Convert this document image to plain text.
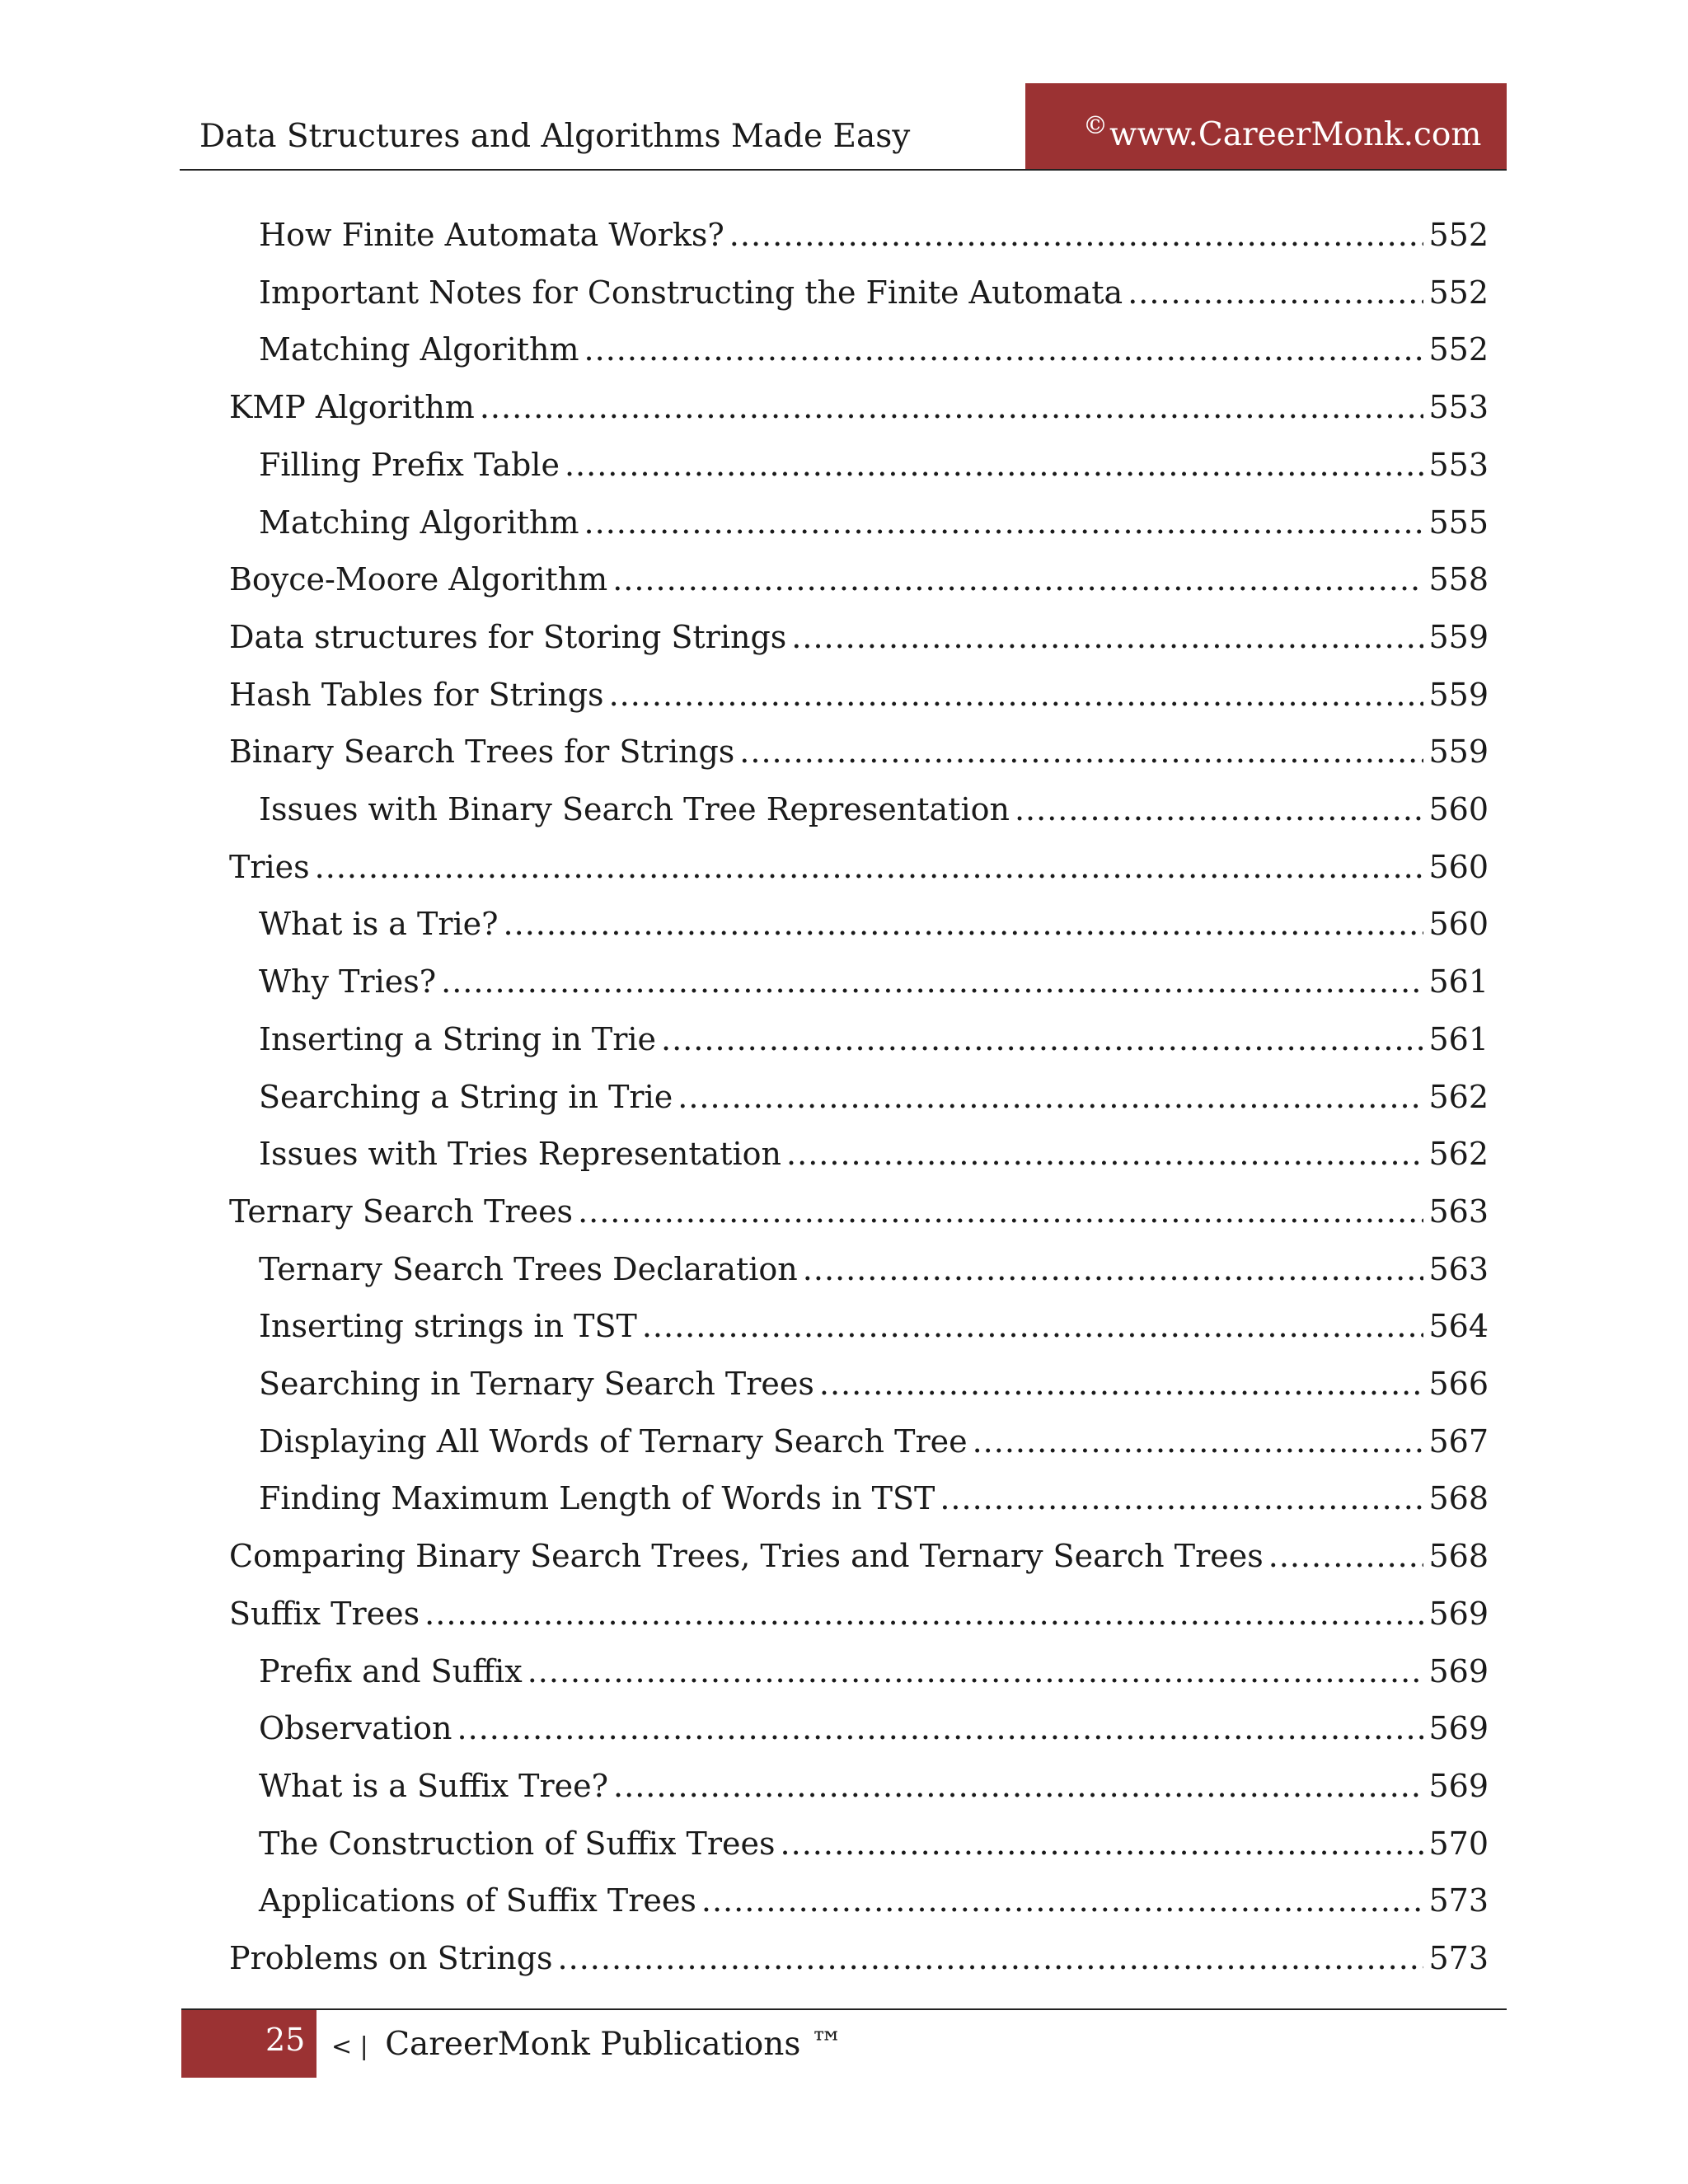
Data Structures and Algorithms Made Easy	©www.CareerMonk.com
How Finite Automata Works? .....	552
Important Notes for Constructing the Finite Automata .....	552
Matching Algorithm .....	552
KMP Algorithm .....	553
Filling Prefix Table .....	553
Matching Algorithm .....	555
Boyce-Moore Algorithm .....	558
Data structures for Storing Strings .....	559
Hash Tables for Strings .....	559
Binary Search Trees for Strings .....	559
Issues with Binary Search Tree Representation .....	560
Tries .....	560
What is a Trie? .....	560
Why Tries? .....	561
Inserting a String in Trie .....	561
Searching a String in Trie .....	562
Issues with Tries Representation .....	562
Ternary Search Trees .....	563
Ternary Search Trees Declaration .....	563
Inserting strings in TST .....	564
Searching in Ternary Search Trees .....	566
Displaying All Words of Ternary Search Tree .....	567
Finding Maximum Length of Words in TST .....	568
Comparing Binary Search Trees, Tries and Ternary Search Trees .....	568
Suffix Trees .....	569
Prefix and Suffix .....	569
Observation .....	569
What is a Suffix Tree? .....	569
The Construction of Suffix Trees .....	570
Applications of Suffix Trees .....	573
Problems on Strings .....	573
25	< | CareerMonk Publications ™
